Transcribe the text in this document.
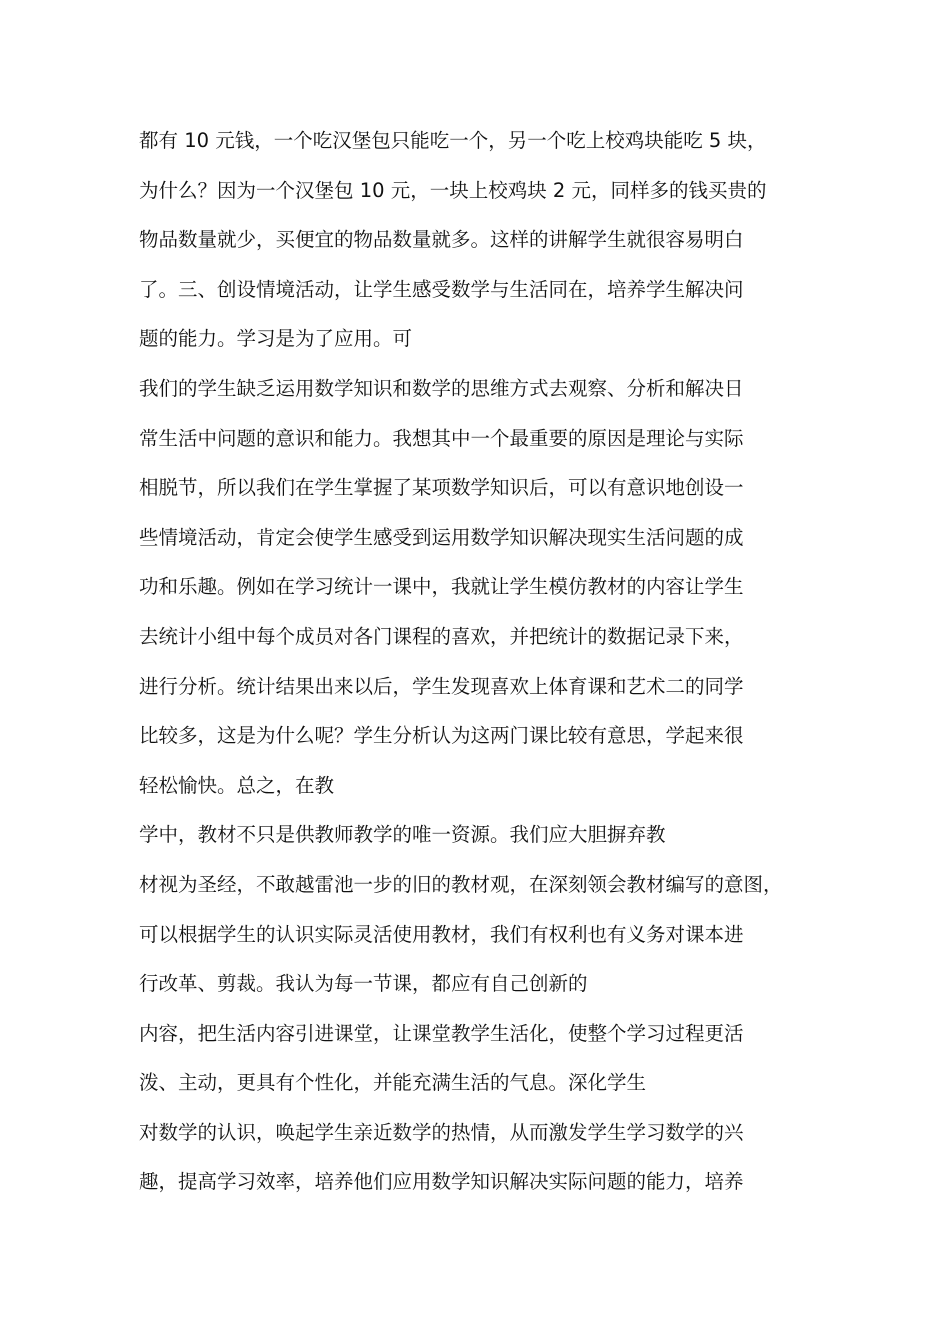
都有 10 元钱，一个吃汉堡包只能吃一个，另一个吃上校鸡块能吃 5 块，
为什么？因为一个汉堡包 10 元，一块上校鸡块 2 元，同样多的钱买贵的
物品数量就少，买便宜的物品数量就多。这样的讲解学生就很容易明白
了。三、创设情境活动，让学生感受数学与生活同在，培养学生解决问
题的能力。学习是为了应用。可
我们的学生缺乏运用数学知识和数学的思维方式去观察、分析和解决日
常生活中问题的意识和能力。我想其中一个最重要的原因是理论与实际
相脱节，所以我们在学生掌握了某项数学知识后，可以有意识地创设一
些情境活动，肯定会使学生感受到运用数学知识解决现实生活问题的成
功和乐趣。例如在学习统计一课中，我就让学生模仿教材的内容让学生
去统计小组中每个成员对各门课程的喜欢，并把统计的数据记录下来，
进行分析。统计结果出来以后，学生发现喜欢上体育课和艺术二的同学
比较多，这是为什么呢？学生分析认为这两门课比较有意思，学起来很
轻松愉快。总之，在教
学中，教材不只是供教师教学的唯一资源。我们应大胆摒弃教
材视为圣经，不敢越雷池一步的旧的教材观，在深刻领会教材编写的意图，
可以根据学生的认识实际灵活使用教材，我们有权利也有义务对课本进
行改革、剪裁。我认为每一节课，都应有自己创新的
内容，把生活内容引进课堂，让课堂教学生活化，使整个学习过程更活
泼、主动，更具有个性化，并能充满生活的气息。深化学生
对数学的认识，唤起学生亲近数学的热情，从而激发学生学习数学的兴
趣，提高学习效率，培养他们应用数学知识解决实际问题的能力，培养
